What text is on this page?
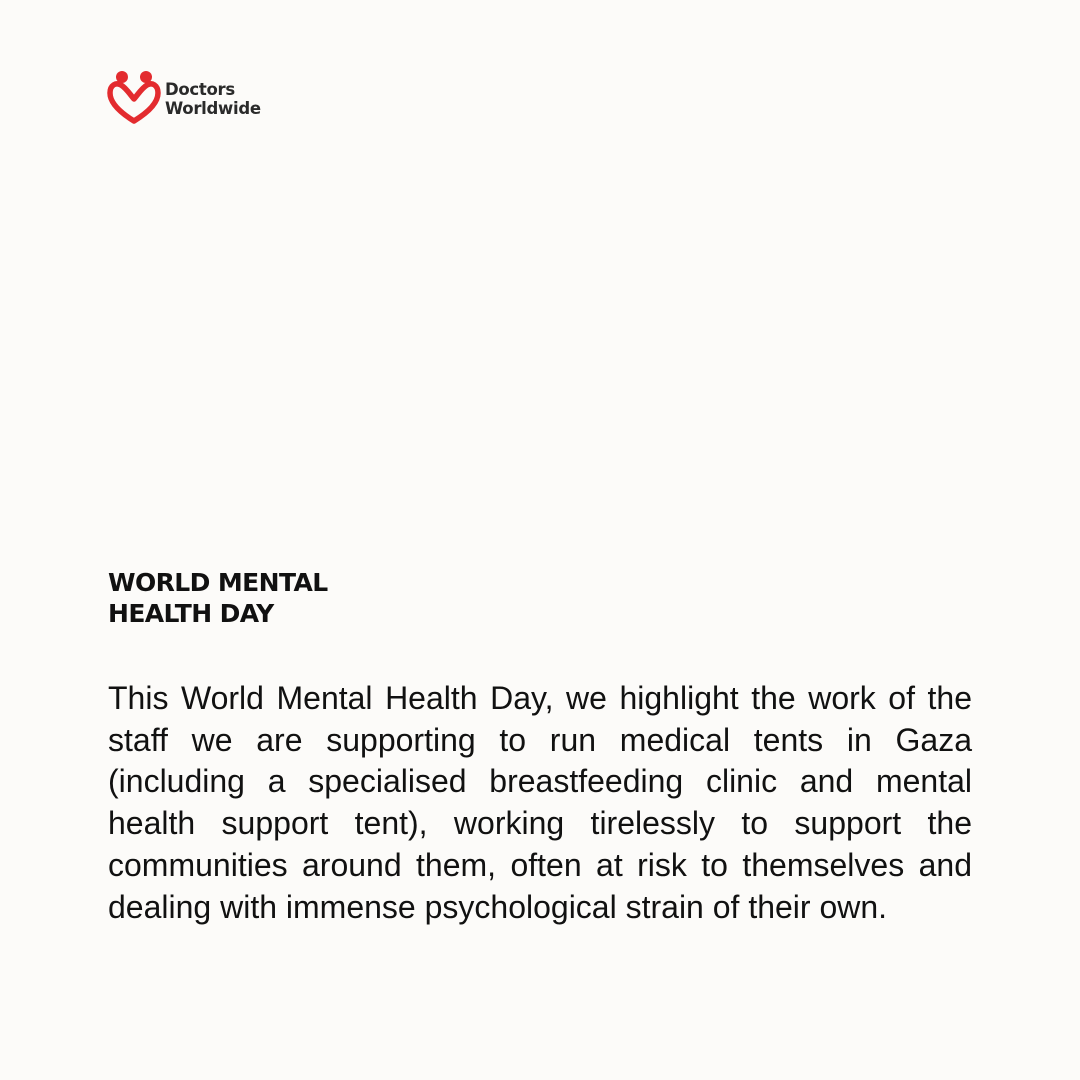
Doctors
Worldwide
WORLD MENTAL
HEALTH DAY

This World Mental Health Day, we highlight the work of the staff we are supporting to run medical tents in Gaza (including a specialised breastfeeding clinic and mental health support tent), working tirelessly to support the communities around them, often at risk to themselves and dealing with immense psychological strain of their own.
